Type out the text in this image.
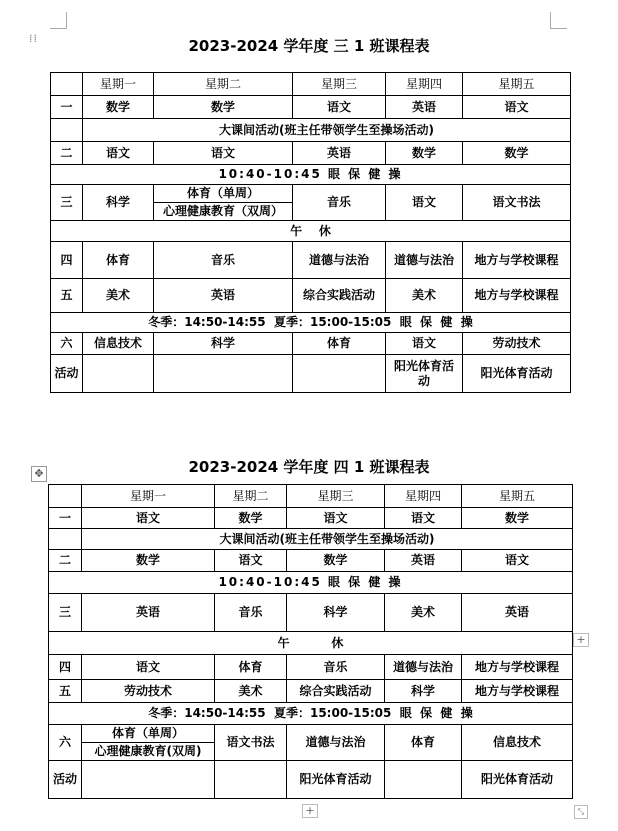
⁞⁞	2023-2024 学年度 三 1 班课程表
	星期一	星期二	星期三	星期四	星期五
一	数学	数学	语文	英语	语文
	大课间活动(班主任带领学生至操场活动)				
二	语文	语文	英语	数学	数学
10:40-10:45 眼 保 健 操					
三	科学	体育（单周）	音乐	语文	语文书法
		心理健康教育（双周）			
午    休					
四	体育	音乐	道德与法治	道德与法治	地方与学校课程
五	美术	英语	综合实践活动	美术	地方与学校课程
冬季：14:50-14:55  夏季：15:00-15:05  眼  保  健  操					
六	信息技术	科学	体育	语文	劳动技术
活动				阳光体育活动	阳光体育活动
2023-2024 学年度 四 1 班课程表
✥
	星期一	星期二	星期三	星期四	星期五
一	语文	数学	语文	语文	数学
	大课间活动(班主任带领学生至操场活动)				
二	数学	语文	数学	英语	语文
10:40-10:45 眼 保 健 操					
三	英语	音乐	科学	美术	英语
午          休					
四	语文	体育	音乐	道德与法治	地方与学校课程
五	劳动技术	美术	综合实践活动	科学	地方与学校课程
冬季：14:50-14:55  夏季：15:00-15:05  眼  保  健  操					
六	体育（单周）	语文书法	道德与法治	体育	信息技术
	心理健康教育(双周)				
活动			阳光体育活动		阳光体育活动
+
+	⤡
